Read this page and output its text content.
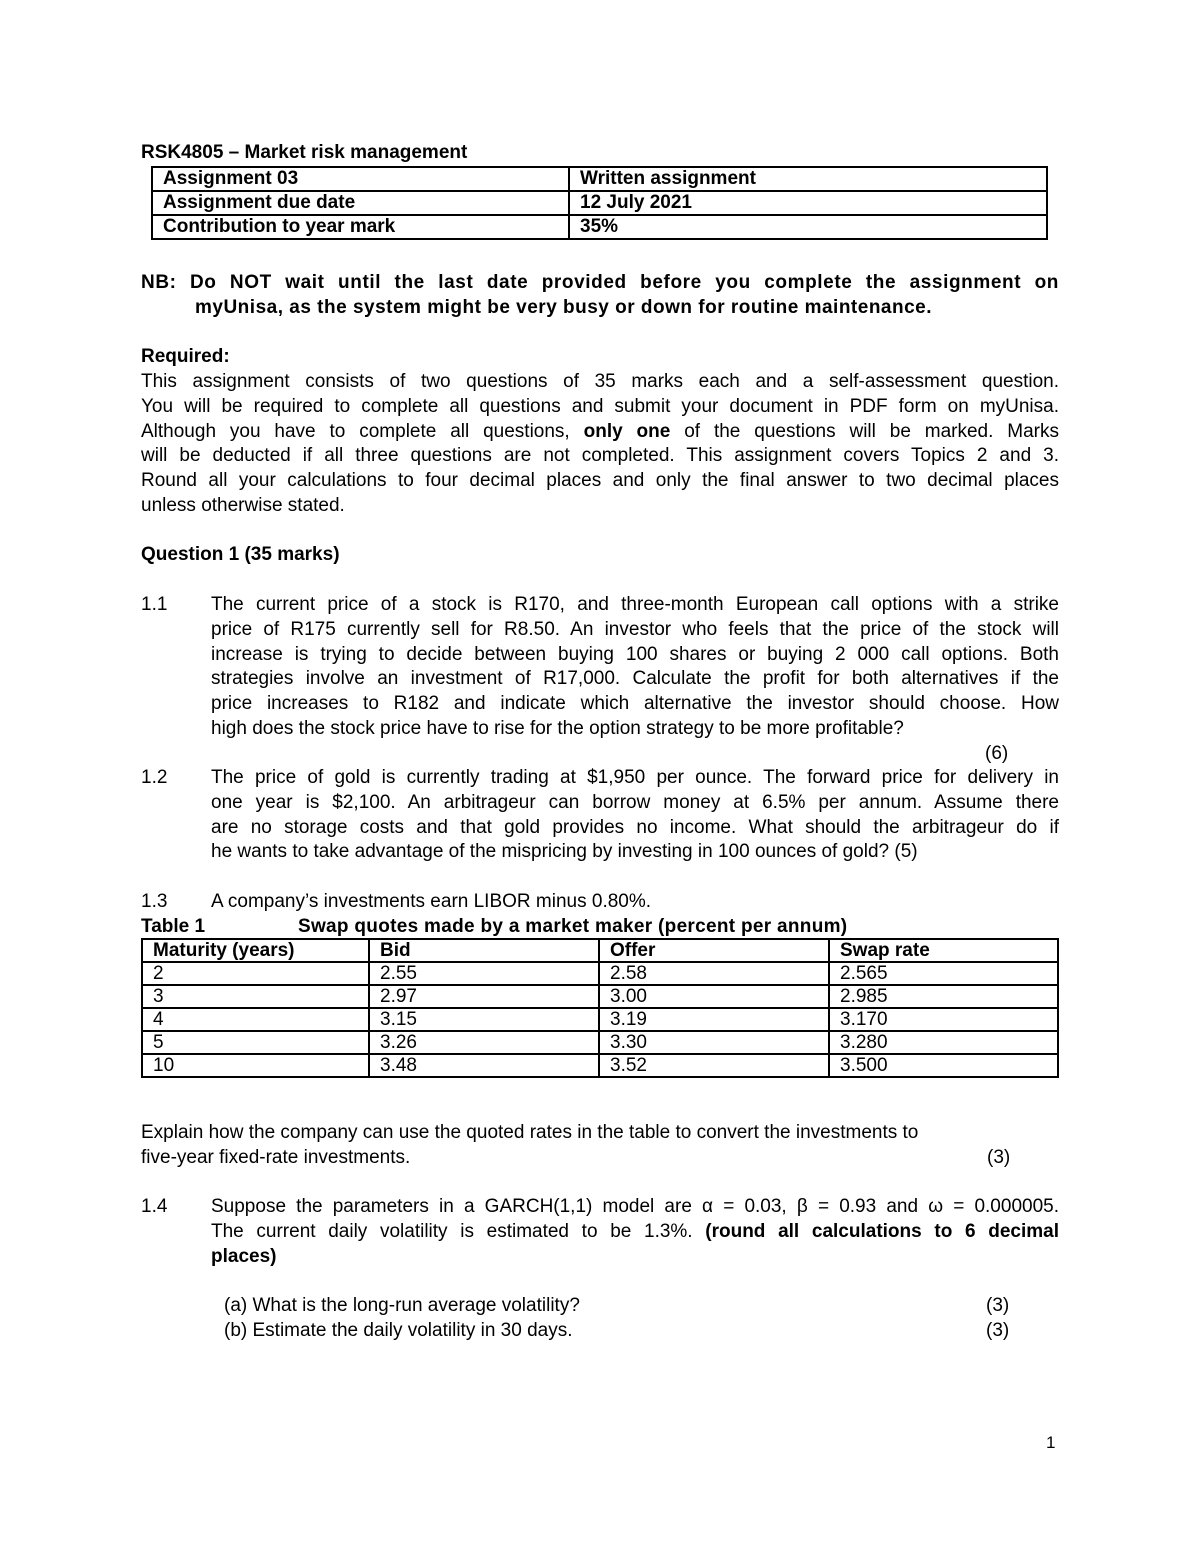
RSK4805 – Market risk management
Assignment 03	Written assignment
Assignment due date	12 July 2021
Contribution to year mark	35%
NB: Do NOT wait until the last date provided before you complete the assignment on
myUnisa, as the system might be very busy or down for routine maintenance.
Required:

This assignment consists of two questions of 35 marks each and a self-assessment question.

You will be required to complete all questions and submit your document in PDF form on myUnisa.

Although you have to complete all questions, only one of the questions will be marked. Marks

will be deducted if all three questions are not completed. This assignment covers Topics 2 and 3.

Round all your calculations to four decimal places and only the final answer to two decimal places

unless otherwise stated.

Question 1 (35 marks)
1.1 The current price of a stock is R170, and three-month European call options with a strike
price of R175 currently sell for R8.50. An investor who feels that the price of the stock will
increase is trying to decide between buying 100 shares or buying 2 000 call options. Both
strategies involve an investment of R17,000. Calculate the profit for both alternatives if the
price increases to R182 and indicate which alternative the investor should choose. How
high does the stock price have to rise for the option strategy to be more profitable?
(6)
1.2 The price of gold is currently trading at $1,950 per ounce. The forward price for delivery in
one year is $2,100. An arbitrageur can borrow money at 6.5% per annum. Assume there
are no storage costs and that gold provides no income. What should the arbitrageur do if
he wants to take advantage of the mispricing by investing in 100 ounces of gold? (5)
1.3 A company’s investments earn LIBOR minus 0.80%.
Table 1	Swap quotes made by a market maker (percent per annum)
Maturity (years)	Bid	Offer	Swap rate
2	2.55	2.58	2.565
3	2.97	3.00	2.985
4	3.15	3.19	3.170
5	3.26	3.30	3.280
10	3.48	3.52	3.500
Explain how the company can use the quoted rates in the table to convert the investments to
five-year fixed-rate investments.	(3)
1.4 Suppose the parameters in a GARCH(1,1) model are α = 0.03, β = 0.93 and ω = 0.000005.
The current daily volatility is estimated to be 1.3%. (round all calculations to 6 decimal
places)
(a) What is the long-run average volatility?	(3)
(b) Estimate the daily volatility in 30 days.	(3)
1
